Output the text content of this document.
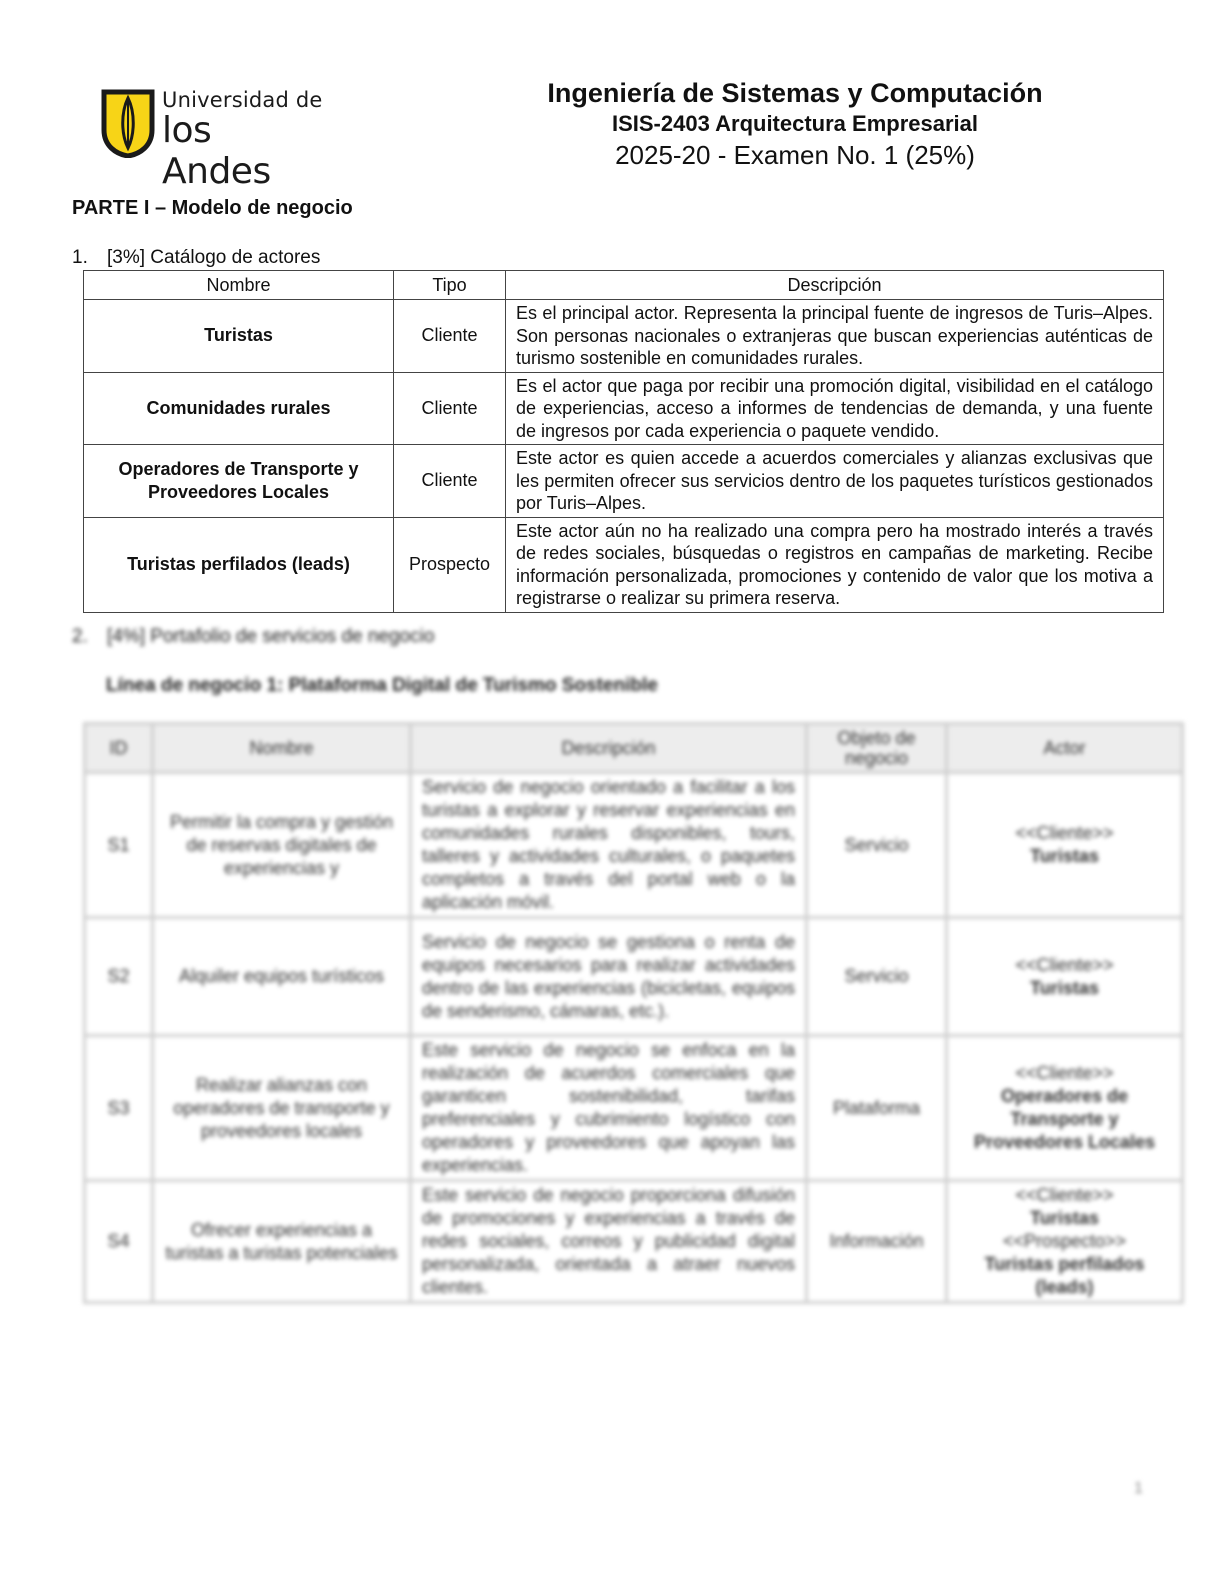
Universidad de
los Andes
Ingeniería de Sistemas y Computación
ISIS-2403 Arquitectura Empresarial
2025-20 - Examen No. 1 (25%)
PARTE I – Modelo de negocio
1. [3%] Catálogo de actores
Nombre	Tipo	Descripción
Turistas	Cliente	Es el principal actor. Representa la principal fuente de ingresos de Turis–Alpes. Son personas nacionales o extranjeras que buscan experiencias auténticas de turismo sostenible en comunidades rurales.
Comunidades rurales	Cliente	Es el actor que paga por recibir una promoción digital, visibilidad en el catálogo de experiencias, acceso a informes de tendencias de demanda, y una fuente de ingresos por cada experiencia o paquete vendido.
Operadores de Transporte y Proveedores Locales	Cliente	Este actor es quien accede a acuerdos comerciales y alianzas exclusivas que les permiten ofrecer sus servicios dentro de los paquetes turísticos gestionados por Turis–Alpes.
Turistas perfilados (leads)	Prospecto	Este actor aún no ha realizado una compra pero ha mostrado interés a través de redes sociales, búsquedas o registros en campañas de marketing. Recibe información personalizada, promociones y contenido de valor que los motiva a registrarse o realizar su primera reserva.
2. [4%] Portafolio de servicios de negocio
Línea de negocio 1: Plataforma Digital de Turismo Sostenible
ID	Nombre	Descripción	Objeto de negocio	Actor
S1	Permitir la compra y gestión de reservas digitales de experiencias y	Servicio de negocio orientado a facilitar a los turistas a explorar y reservar experiencias en comunidades rurales disponibles, tours, talleres y actividades culturales, o paquetes completos a través del portal web o la aplicación móvil.	Servicio	<<Cliente>>
Turistas

S2	Alquiler equipos turísticos	Servicio de negocio se gestiona o renta de equipos necesarios para realizar actividades dentro de las experiencias (bicicletas, equipos de senderismo, cámaras, etc.).	Servicio	<<Cliente>>
Turistas

S3	Realizar alianzas con operadores de transporte y proveedores locales	Este servicio de negocio se enfoca en la realización de acuerdos comerciales que garanticen sostenibilidad, tarifas preferenciales y cubrimiento logístico con operadores y proveedores que apoyan las experiencias.	Plataforma	<<Cliente>>
Operadores de Transporte y Proveedores Locales

S4	Ofrecer experiencias a turistas a turistas potenciales	Este servicio de negocio proporciona difusión de promociones y experiencias a través de redes sociales, correos y publicidad digital personalizada, orientada a atraer nuevos clientes.	Información	<<Cliente>>
Turistas
<<Prospecto>>
Turistas perfilados (leads)
1
